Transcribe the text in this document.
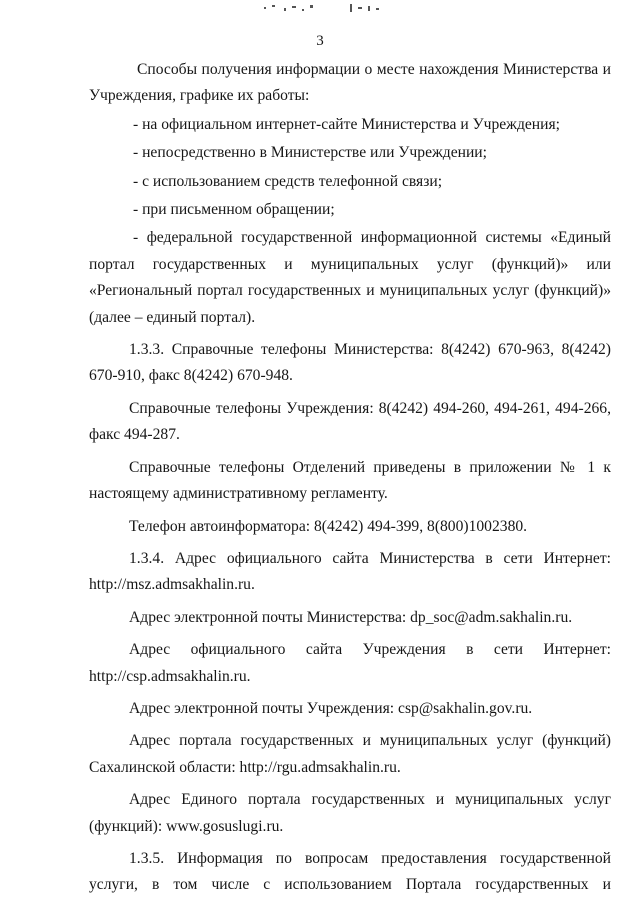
3

Способы получения информации о месте нахождения Министерства и Учреждения, графике их работы:

- на официальном интернет-сайте Министерства и Учреждения;

- непосредственно в Министерстве или Учреждении;

- с использованием средств телефонной связи;

- при письменном обращении;

- федеральной государственной информационной системы «Единый портал государственных и муниципальных услуг (функций)» или «Региональный портал государственных и муниципальных услуг (функций)» (далее – единый портал).

1.3.3. Справочные телефоны Министерства: 8(4242) 670-963, 8(4242) 670-910, факс 8(4242) 670-948.

Справочные телефоны Учреждения: 8(4242) 494-260, 494-261, 494-266, факс 494-287.

Справочные телефоны Отделений приведены в приложении № 1 к настоящему административному регламенту.

Телефон автоинформатора: 8(4242) 494-399, 8(800)1002380.

1.3.4. Адрес официального сайта Министерства в сети Интернет: http://msz.admsakhalin.ru.

Адрес электронной почты Министерства: dp_soc@adm.sakhalin.ru.

Адрес официального сайта Учреждения в сети Интернет: http://csp.admsakhalin.ru.

Адрес электронной почты Учреждения: csp@sakhalin.gov.ru.

Адрес портала государственных и муниципальных услуг (функций) Сахалинской области: http://rgu.admsakhalin.ru.

Адрес Единого портала государственных и муниципальных услуг (функций): www.gosuslugi.ru.

1.3.5. Информация по вопросам предоставления государственной услуги, в том числе с использованием Портала государственных и
